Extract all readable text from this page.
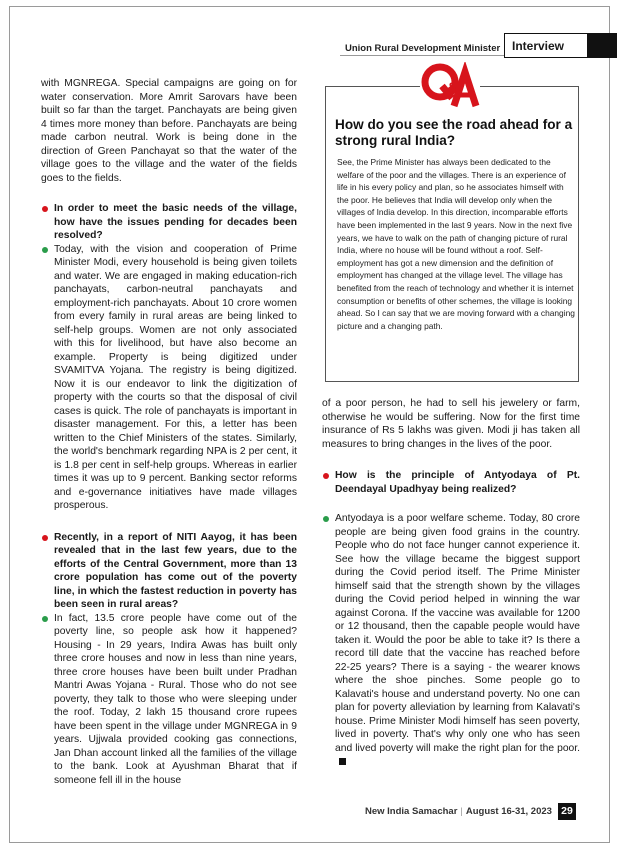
Union Rural Development Minister Interview

with MGNREGA. Special campaigns are going on for water conservation. More Amrit Sarovars have been built so far than the target. Panchayats are being given 4 times more money than before. Panchayats are being made carbon neutral. Work is being done in the direction of Green Panchayat so that the water of the village goes to the village and the water of the fields goes to the fields.

In order to meet the basic needs of the village, how have the issues pending for decades been resolved?

Today, with the vision and cooperation of Prime Minister Modi, every household is being given toilets and water. We are engaged in making education-rich panchayats, carbon-neutral panchayats and employment-rich panchayats. About 10 crore women from every family in rural areas are being linked to self-help groups. Women are not only associated with this for livelihood, but have also become an example. Property is being digitized under SVAMITVA Yojana. The registry is being digitized. Now it is our endeavor to link the digitization of property with the courts so that the disposal of civil cases is quick. The role of panchayats is important in disaster management. For this, a letter has been written to the Chief Ministers of the states. Similarly, the world's benchmark regarding NPA is 2 per cent, it is 1.8 per cent in self-help groups. Whereas in earlier times it was up to 9 percent. Banking sector reforms and e-governance initiatives have made villages prosperous.

Recently, in a report of NITI Aayog, it has been revealed that in the last few years, due to the efforts of the Central Government, more than 13 crore population has come out of the poverty line, in which the fastest reduction in poverty has been seen in rural areas?

In fact, 13.5 crore people have come out of the poverty line, so people ask how it happened? Housing - In 29 years, Indira Awas has built only three crore houses and now in less than nine years, three crore houses have been built under Pradhan Mantri Awas Yojana - Rural. Those who do not see poverty, they talk to those who were sleeping under the roof. Today, 2 lakh 15 thousand crore rupees have been spent in the village under MGNREGA in 9 years. Ujjwala provided cooking gas connections, Jan Dhan account linked all the families of the village to the bank. Look at Ayushman Bharat that if someone fell ill in the house

&
How do you see the road ahead for a strong rural India?
See, the Prime Minister has always been dedicated to the welfare of the poor and the villages. There is an experience of life in his every policy and plan, so he associates himself with the poor. He believes that India will develop only when the villages of India develop. In this direction, incomparable efforts have been implemented in the last 9 years. Now in the next five years, we have to walk on the path of changing picture of rural India, where no house will be found without a roof. Self-employment has got a new dimension and the definition of employment has changed at the village level. The village has benefited from the reach of technology and whether it is internet consumption or benefits of other schemes, the village is looking ahead. So I can say that we are moving forward with a changing picture and a changing path.

of a poor person, he had to sell his jewelery or farm, otherwise he would be suffering. Now for the first time insurance of Rs 5 lakhs was given. Modi ji has taken all measures to bring changes in the lives of the poor.

How is the principle of Antyodaya of Pt. Deendayal Upadhyay being realized?

Antyodaya is a poor welfare scheme. Today, 80 crore people are being given food grains in the country. People who do not face hunger cannot experience it. See how the village became the biggest support during the Covid period itself. The Prime Minister himself said that the strength shown by the villages during the Covid period helped in winning the war against Corona. If the vaccine was available for 1200 or 12 thousand, then the capable people would have taken it. Would the poor be able to take it? Is there a record till date that the vaccine has reached before 22-25 years? There is a saying - the wearer knows where the shoe pinches. Some people go to Kalavati's house and understand poverty. No one can plan for poverty alleviation by learning from Kalavati's house. Prime Minister Modi himself has seen poverty, lived in poverty. That's why only one who has seen and lived poverty will make the right plan for the poor.

New India Samachar | August 16-31, 2023 29
